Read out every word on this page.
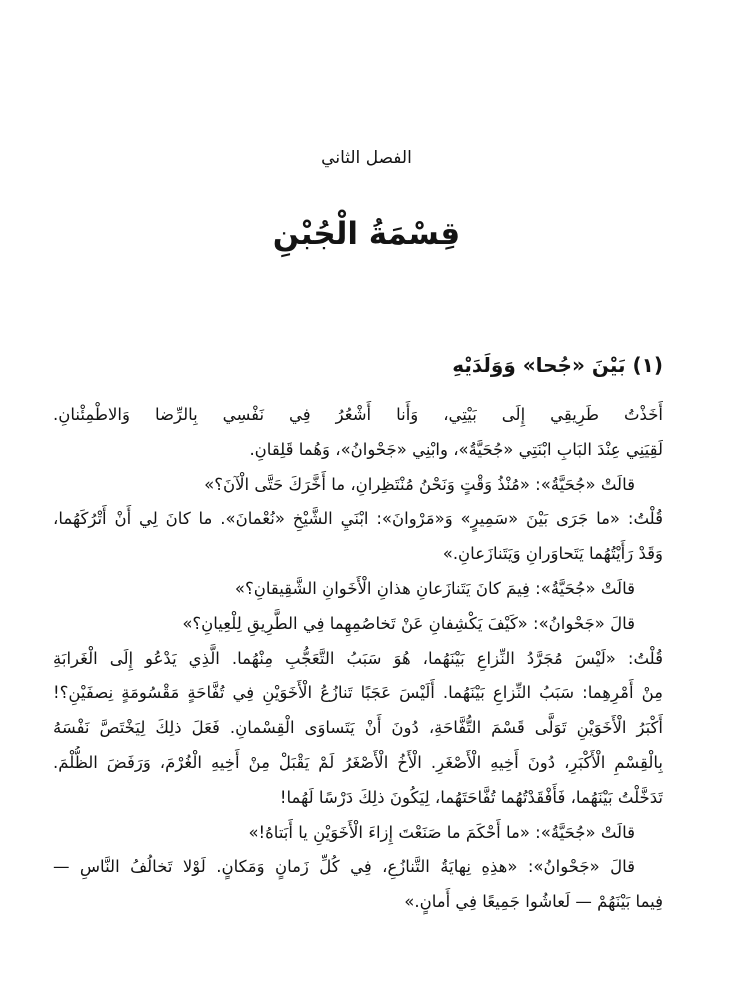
الفصل الثاني
قِسْمَةُ الْجُبْنِ
(١) بَيْنَ «جُحا» وَوَلَدَيْهِ
أَخَذْتُ طَرِيقِي إِلَى بَيْتِي، وَأَنا أَشْعُرُ فِي نَفْسِي بِالرِّضا وَالاطْمِئْنانِ.
لَقِيَنِي عِنْدَ البَابِ ابْنَتِي «جُحَيَّةُ»، وابْنِي «جَحْوانُ»، وَهُما قَلِقانِ.
قالَتْ «جُحَيَّةُ»: «مُنْذُ وَقْتٍ وَنَحْنُ مُنْتَظِرانِ، ما أَخَّرَكَ حَتَّى الْآنَ؟»
قُلْتُ: «ما جَرَى بَيْنَ «سَمِيرٍ» وَ«مَرْوانَ»: ابْنَيِ الشَّيْخِ «نُعْمانَ». ما كانَ لِي أَنْ أَتْرُكَهُما،
وَقَدْ رَأَيْتُهُما يَتَحاوَرانِ وَيَتَنازَعانِ.»
قالَتْ «جُحَيَّةُ»: فِيمَ كانَ يَتَنازَعانِ هذانِ الْأَخَوانِ الشَّقِيقانِ؟»
قالَ «جَحْوانُ»: «كَيْفَ يَكْشِفانِ عَنْ تَخاصُمِهِما فِي الطَّرِيقِ لِلْعِيانِ؟»
قُلْتُ: «لَيْسَ مُجَرَّدُ النِّزاعِ بَيْنَهُما، هُوَ سَبَبُ التَّعَجُّبِ مِنْهُما. الَّذِي يَدْعُو إِلَى الْغَرابَةِ
مِنْ أَمْرِهِما: سَبَبُ النِّزاعِ بَيْنَهُما. أَلَيْسَ عَجَبًا تَنازُعُ الْأَخَوَيْنِ فِي تُفَّاحَةٍ مَقْسُومَةٍ نِصفَيْنِ؟!
أَكْبَرُ الْأَخَوَيْنِ تَوَلَّى قَسْمَ التُّفَّاحَةِ، دُونَ أَنْ يَتَساوَى الْقِسْمانِ. فَعَلَ ذلِكَ لِيَخْتَصَّ نَفْسَهُ
بِالْقِسْمِ الْأَكْبَرِ، دُونَ أَخِيهِ الْأَصْغَرِ. الْأَخُ الْأَصْغَرُ لَمْ يَقْبَلْ مِنْ أَخِيهِ الْغُرْمَ، وَرَفَضَ الظُّلْمَ.
تَدَخَّلْتُ بَيْنَهُما، فَأَفْقَدْتُهُما تُفَّاحَتَهُما، لِيَكُونَ ذلِكَ دَرْسًا لَهُما!
قالَتْ «جُحَيَّةُ»: «ما أَحْكَمَ ما صَنَعْتَ إِزاءَ الْأَخَوَيْنِ يا أَبَتاهُ!»
قالَ «جَحْوانُ»: «هذِهِ نِهايَةُ التَّنازُعِ، فِي كُلِّ زَمانٍ وَمَكانٍ. لَوْلا تَخالُفُ النَّاسِ —
فِيما بَيْنَهُمْ — لَعاشُوا جَمِيعًا فِي أَمانٍ.»
